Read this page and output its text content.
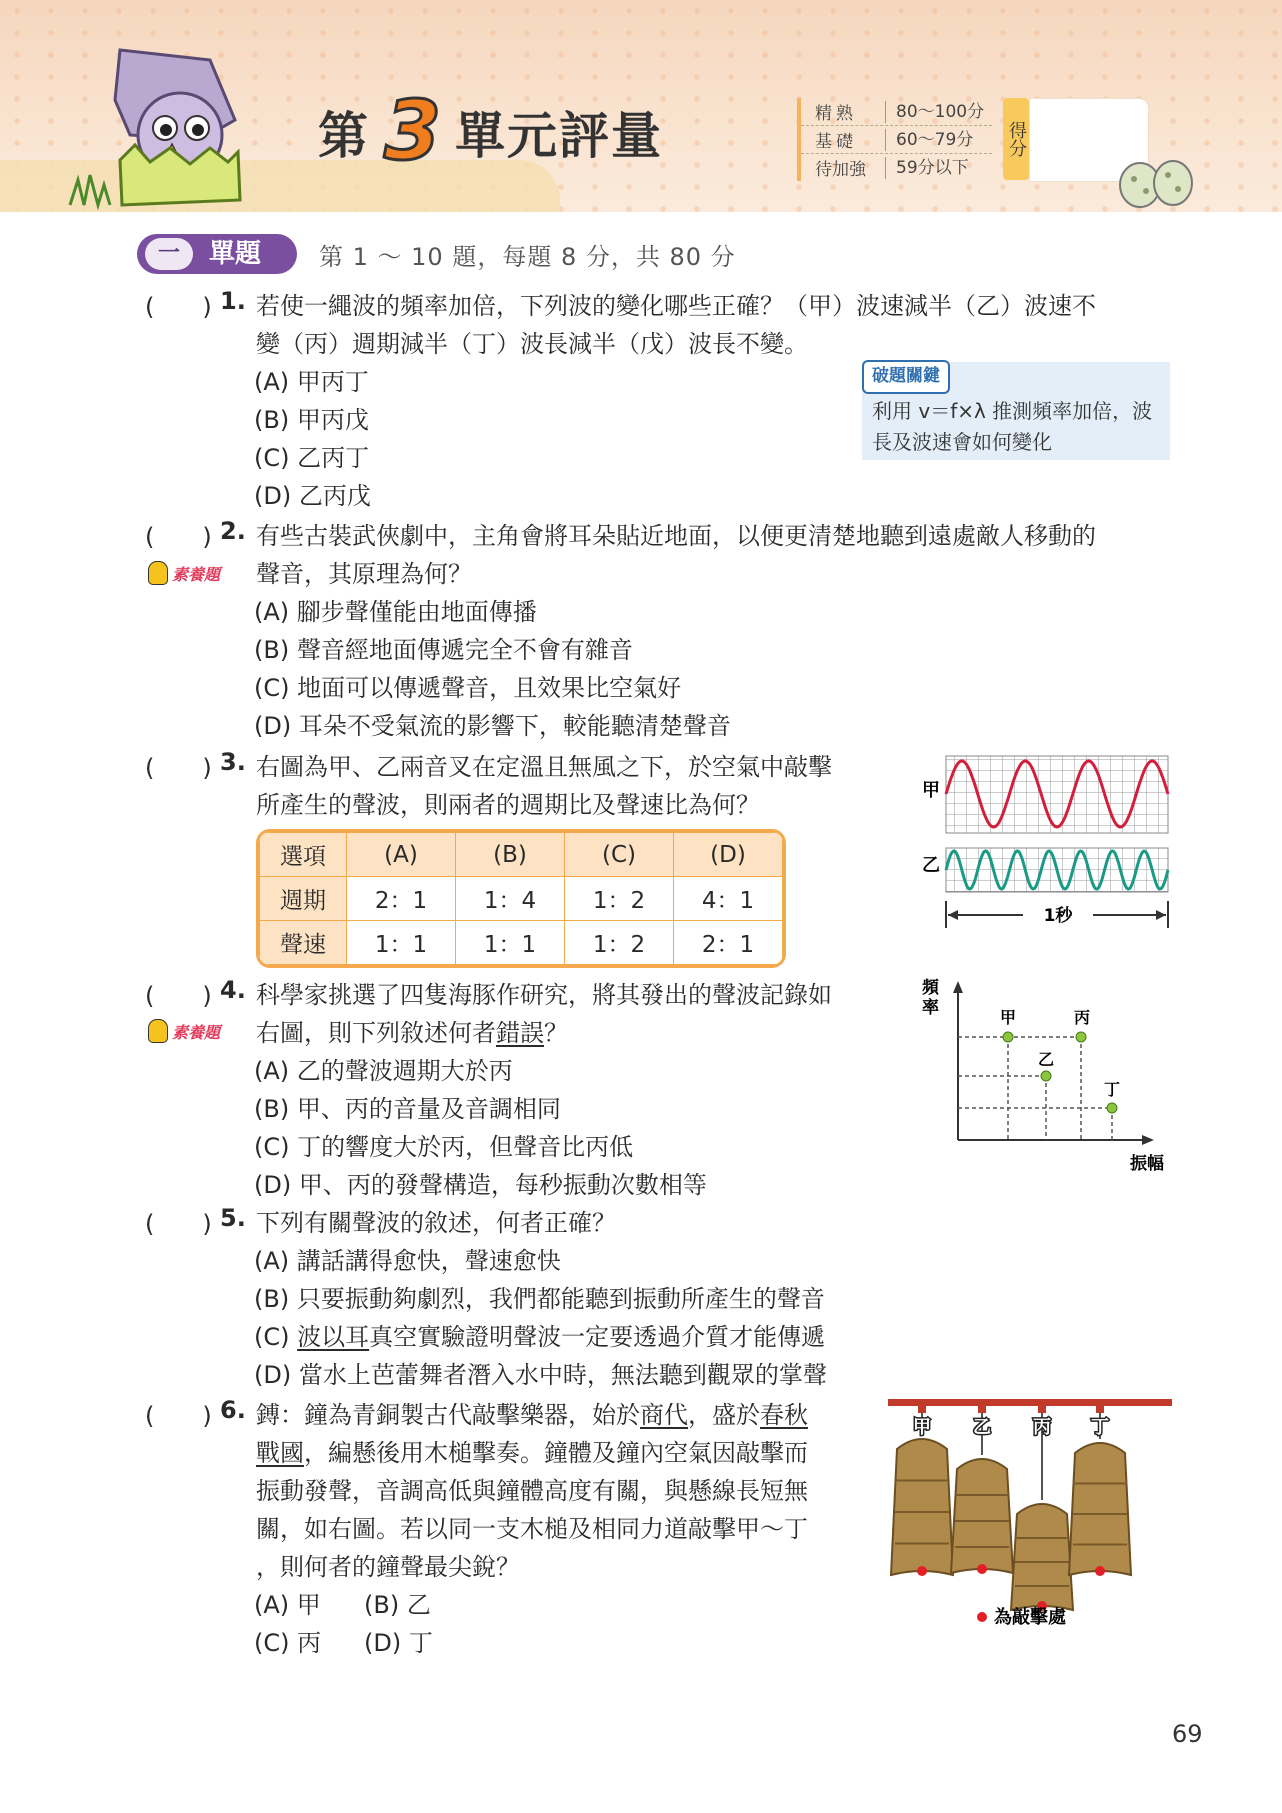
第 3 單元評量	精熟	80～100分
基礎	60～79分
待加強	59分以下
得分
一	單題 第 1 ～ 10 題，每題 8 分，共 80 分
(　　) 1. 若使一繩波的頻率加倍，下列波的變化哪些正確？（甲）波速減半（乙）波速不
變（丙）週期減半（丁）波長減半（戊）波長不變。
(A) 甲丙丁
(B) 甲丙戊
(C) 乙丙丁
(D) 乙丙戊
破題關鍵
利用 v＝f×λ 推測頻率加倍，波長及波速會如何變化
(　　) 2. 有些古裝武俠劇中，主角會將耳朵貼近地面，以便更清楚地聽到遠處敵人移動的
素養題 聲音，其原理為何？
(A) 腳步聲僅能由地面傳播
(B) 聲音經地面傳遞完全不會有雜音
(C) 地面可以傳遞聲音，且效果比空氣好
(D) 耳朵不受氣流的影響下，較能聽清楚聲音
(　　) 3. 右圖為甲、乙兩音叉在定溫且無風之下，於空氣中敲擊
所產生的聲波，則兩者的週期比及聲速比為何？
選項	(A)	(B)	(C)	(D)
週期	2：1	1：4	1：2	4：1
聲速	1：1	1：1	1：2	2：1
甲
乙
1秒
(　　) 4. 科學家挑選了四隻海豚作研究，將其發出的聲波記錄如
素養題 右圖，則下列敘述何者錯誤？
(A) 乙的聲波週期大於丙
(B) 甲、丙的音量及音調相同
(C) 丁的響度大於丙，但聲音比丙低
(D) 甲、丙的發聲構造，每秒振動次數相等
頻
率
振幅
甲
乙
丙
丁
(　　) 5. 下列有關聲波的敘述，何者正確？
(A) 講話講得愈快，聲速愈快
(B) 只要振動夠劇烈，我們都能聽到振動所產生的聲音
(C) 波以耳真空實驗證明聲波一定要透過介質才能傳遞
(D) 當水上芭蕾舞者潛入水中時，無法聽到觀眾的掌聲
(　　) 6. 鎛：鐘為青銅製古代敲擊樂器，始於商代，盛於春秋
戰國，編懸後用木槌擊奏。鐘體及鐘內空氣因敲擊而
振動發聲，音調高低與鐘體高度有關，與懸線長短無
關，如右圖。若以同一支木槌及相同力道敲擊甲～丁
，則何者的鐘聲最尖銳？
(A) 甲 (B) 乙
(C) 丙 (D) 丁
甲 乙 丙 丁
為敲擊處
69
